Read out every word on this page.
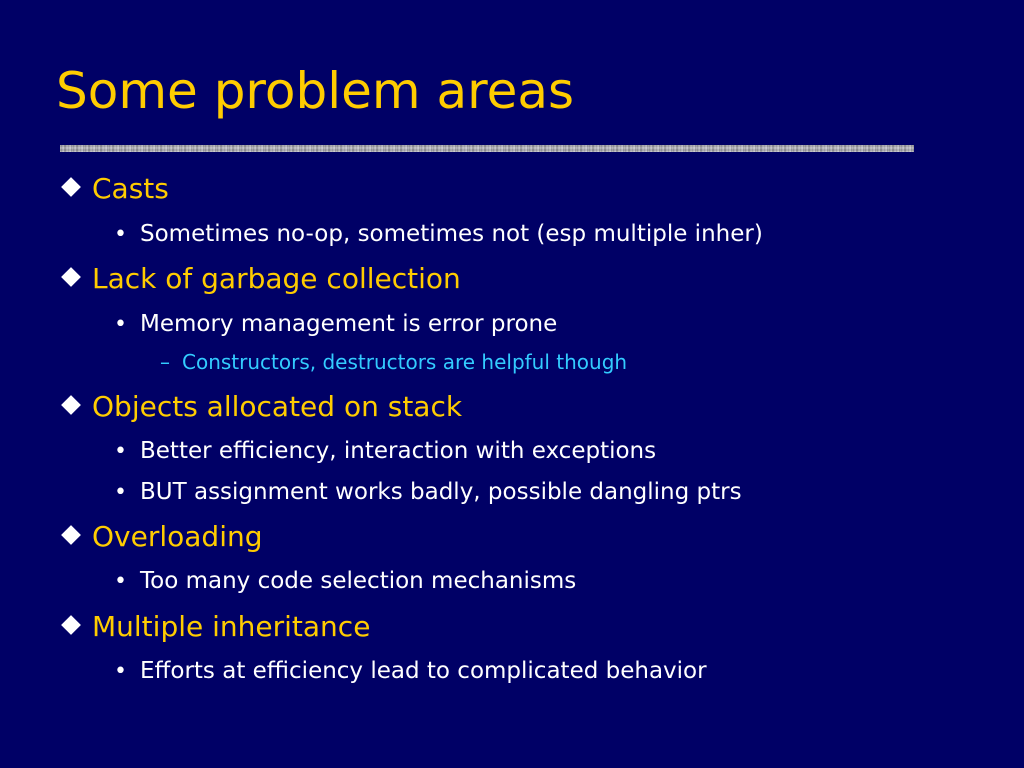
Some problem areas
Casts
• Sometimes no-op, sometimes not (esp multiple inher)
Lack of garbage collection
• Memory management is error prone
– Constructors, destructors are helpful though
Objects allocated on stack
• Better efficiency, interaction with exceptions
• BUT assignment works badly, possible dangling ptrs
Overloading
• Too many code selection mechanisms
Multiple inheritance
• Efforts at efficiency lead to complicated behavior
